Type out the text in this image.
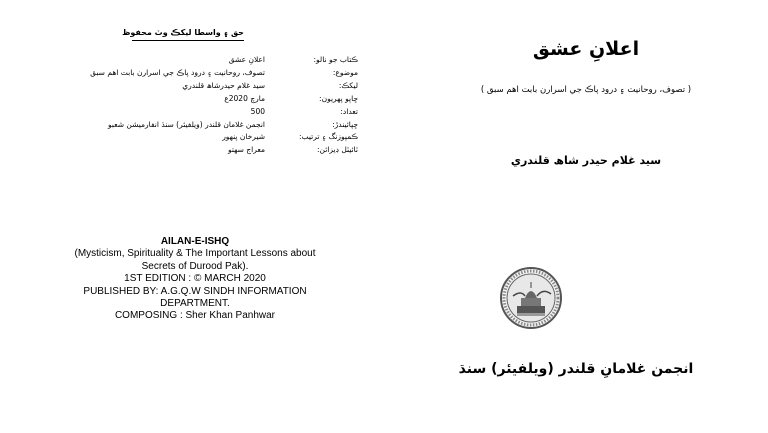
حق ۽ واسطا ليکڪ وٽ محفوظ
ڪتاب جو نالو:	اعلانِ عشق
موضوع:	تصوف، روحانيت ۽ درود پاڪ جي اسرارن بابت اهم سبق
ليکڪ:	سيد غلام حيدرشاھ قلندري
ڇاپو پهريون:	مارچ 2020ع
تعداد:	500
ڇپائيندڙ:	انجمن غلامان قلندر (ويلفيئر) سنڌ انفارميشن شعبو
ڪمپوزنگ ۽ ترتيب:	شيرخان پنهور
ٽائيٽل ڊيزائن:	معراج سهتو
AILAN-E-ISHQ
(Mysticism, Spirituality & The Important Lessons about
Secrets of Durood Pak).
1ST EDITION : © MARCH 2020
PUBLISHED BY: A.G.Q.W SINDH INFORMATION
DEPARTMENT.
COMPOSING : Sher Khan Panhwar
اعلانِ عشق
( تصوف، روحانيت ۽ درود پاڪ جي اسرارن بابت اهم سبق )
سيد غلام حيدر شاھ قلندري
انجمن غلامانِ قلندر (ويلفيئر) سنڌ
